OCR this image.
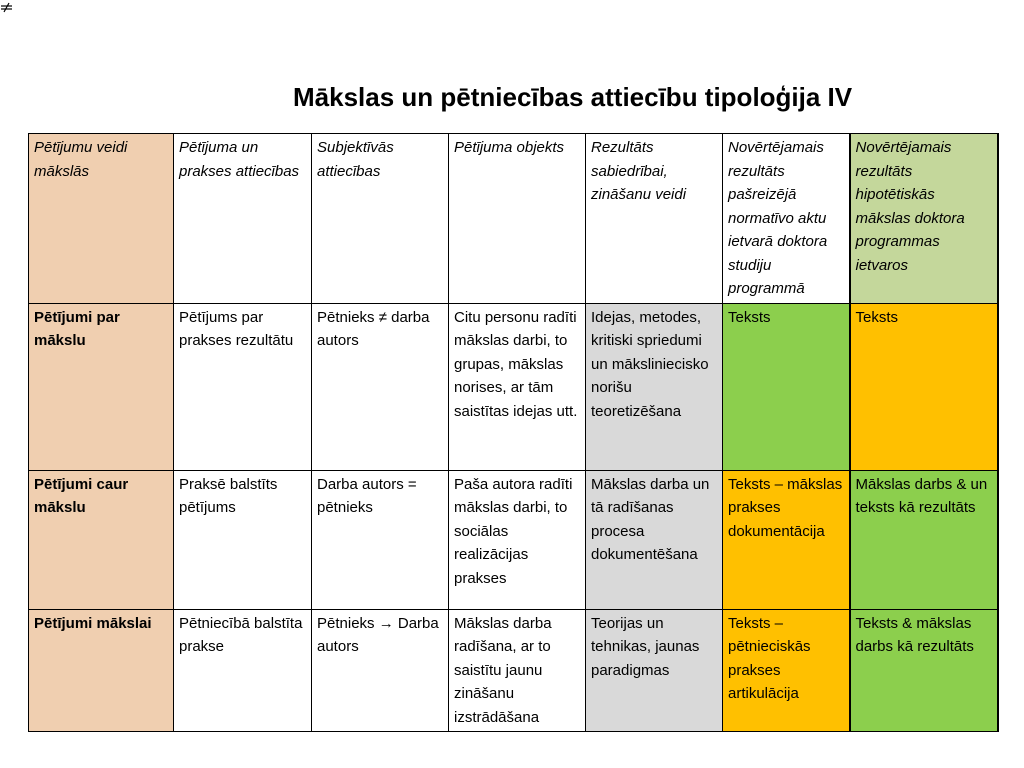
Mākslas un pētniecības attiecību tipoloģija IV
Pētījumu veidi mākslās	Pētījuma un prakses attiecības	Subjektīvās attiecības	Pētījuma objekts	Rezultāts sabiedrībai, zināšanu veidi	Novērtējamais rezultāts pašreizējā normatīvo aktu ietvarā doktora studiju programmā	Novērtējamais rezultāts hipotētiskās mākslas doktora programmas ietvaros
Pētījumi par mākslu	Pētījums par prakses rezultātu	Pētnieks ≠ darba autors	Citu personu radīti mākslas darbi, to grupas, mākslas norises, ar tām saistītas idejas utt.	Idejas, metodes, kritiski spriedumi un mākslinieciskо norišu teoretizēšana	Teksts	Teksts
Pētījumi caur mākslu	Praksē balstīts pētījums	Darba autors = pētnieks	Paša autora radīti mākslas darbi, to sociālas realizācijas prakses	Mākslas darba un tā radīšanas procesa dokumentēšana	Teksts – mākslas prakses dokumentācija	Mākslas darbs & un teksts kā rezultāts
Pētījumi mākslai	Pētniecībā balstīta prakse	Pētnieks → Darba autors	Mākslas darba radīšana, ar to saistītu jaunu zināšanu izstrādāšana	Teorijas un tehnikas, jaunas paradigmas	Teksts – pētnieciskās prakses artikulācija	Teksts & mākslas darbs kā rezultāts
